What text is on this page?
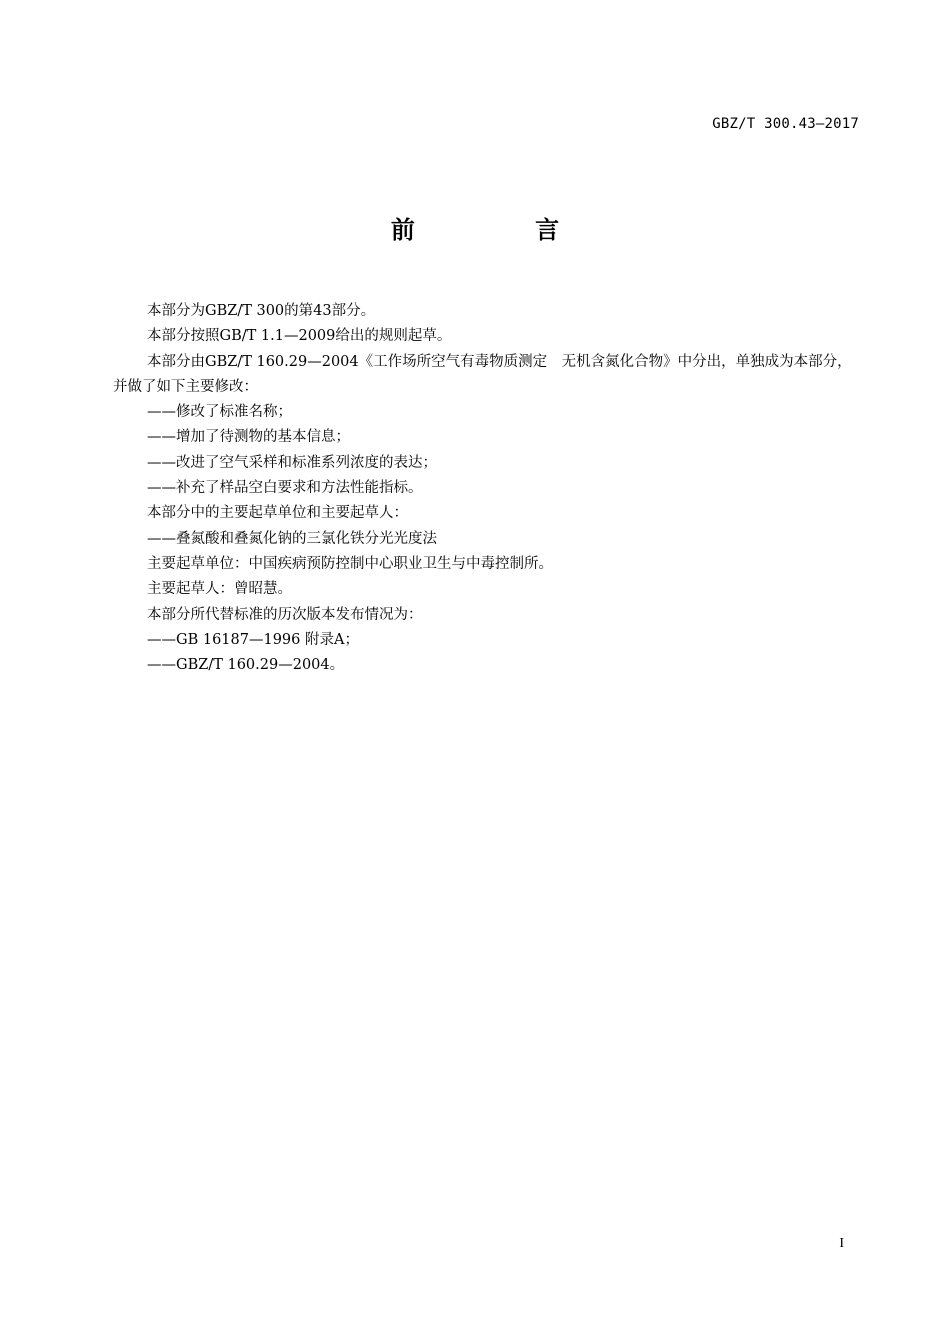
GBZ/T 300.43—2017
前 言

本部分为GBZ/T 300的第43部分。

本部分按照GB/T 1.1—2009给出的规则起草。

本部分由GBZ/T 160.29—2004《工作场所空气有毒物质测定　无机含氮化合物》中分出，单独成为本部分，并做了如下主要修改：

——修改了标准名称；

——增加了待测物的基本信息；

——改进了空气采样和标准系列浓度的表达；

——补充了样品空白要求和方法性能指标。

本部分中的主要起草单位和主要起草人：

——叠氮酸和叠氮化钠的三氯化铁分光光度法

主要起草单位：中国疾病预防控制中心职业卫生与中毒控制所。

主要起草人：曾昭慧。

本部分所代替标准的历次版本发布情况为：

——GB 16187—1996 附录A；

——GBZ/T 160.29—2004。

I
